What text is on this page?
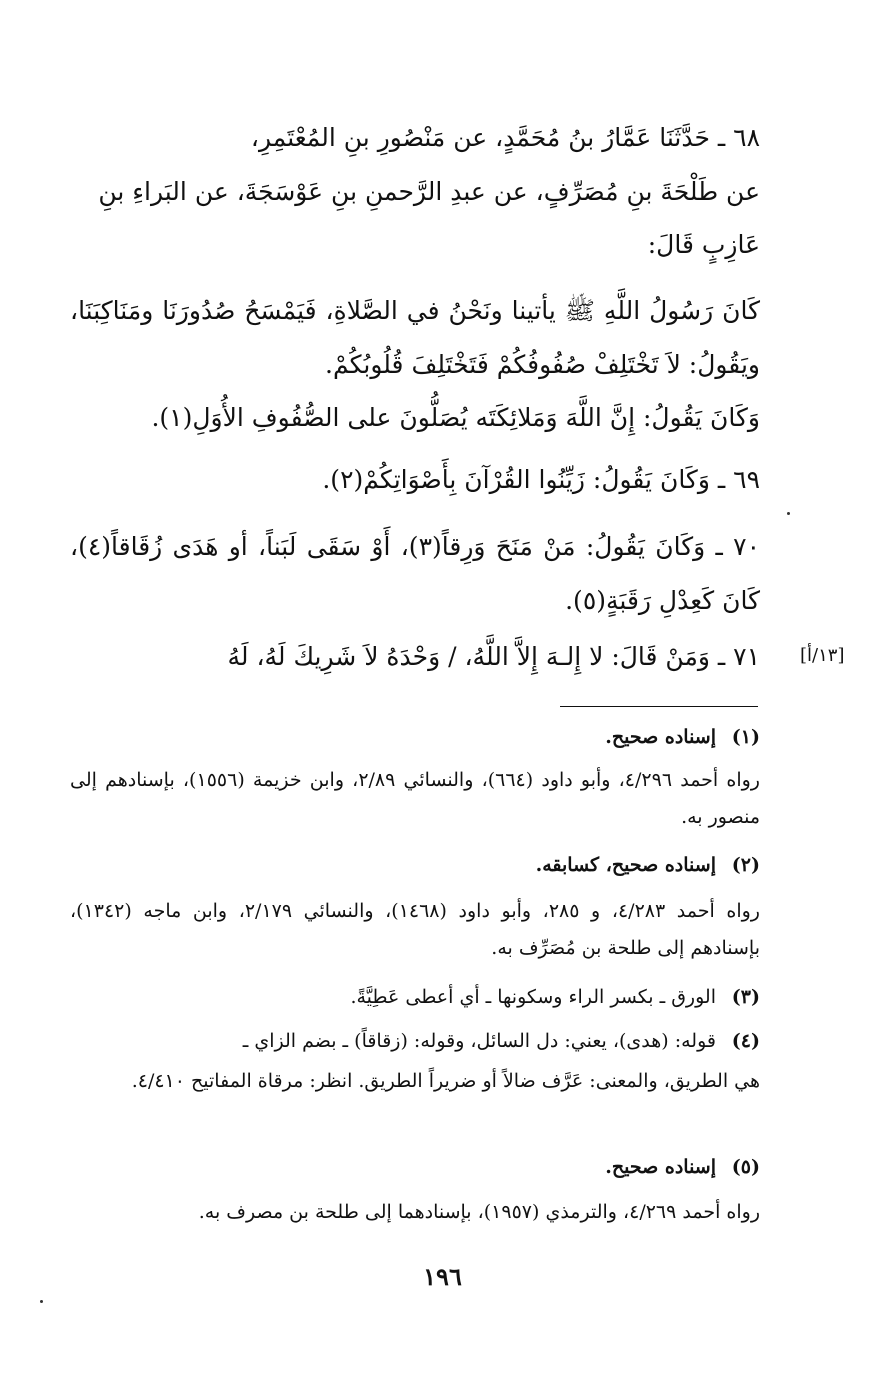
٦٨ ـ حَدَّثَنَا عَمَّارُ بنُ مُحَمَّدٍ، عن مَنْصُورِ بنِ المُعْتَمِرِ،
عن طَلْحَةَ بنِ مُصَرِّفٍ، عن عبدِ الرَّحمنِ بنِ عَوْسَجَةَ، عن البَراءِ بنِ
عَازِبٍ قَالَ:
كَانَ رَسُولُ اللَّهِ ﷺ يأتينا ونَحْنُ في الصَّلاةِ، فَيَمْسَحُ صُدُورَنَا ومَنَاكِبَنَا، ويَقُولُ: لاَ تَخْتَلِفْ صُفُوفُكُمْ فَتَخْتَلِفَ قُلُوبُكُمْ.
وَكَانَ يَقُولُ: إِنَّ اللَّهَ وَمَلائِكَتَه يُصَلُّونَ على الصُّفُوفِ الأُوَلِ(١).
٦٩ ـ وَكَانَ يَقُولُ: زَيِّنُوا القُرْآنَ بِأَصْوَاتِكُمْ(٢).
٧٠ ـ وَكَانَ يَقُولُ: مَنْ مَنَحَ وَرِقاً(٣)، أَوْ سَقَى لَبَناً، أو هَدَى زُقَاقاً(٤)، كَانَ كَعِدْلِ رَقَبَةٍ(٥).
٧١ ـ وَمَنْ قَالَ: لا إِلـهَ إِلاَّ اللَّهُ، / وَحْدَهُ لاَ شَرِيكَ لَهُ، لَهُ [١٣/أ]
(١)إسناده صحيح.
رواه أحمد ٤/٢٩٦، وأبو داود (٦٦٤)، والنسائي ٢/٨٩، وابن خزيمة (١٥٥٦)، بإسنادهم إلى منصور به.
(٢)إسناده صحيح، كسابقه.
رواه أحمد ٤/٢٨٣، و ٢٨٥، وأبو داود (١٤٦٨)، والنسائي ٢/١٧٩، وابن ماجه (١٣٤٢)، بإسنادهم إلى طلحة بن مُصَرِّف به.
(٣)الورق ـ بكسر الراء وسكونها ـ أي أعطى عَطِيَّةً.
(٤)قوله: (هدى)، يعني: دل السائل، وقوله: (زقاقاً) ـ بضم الزاي ـ
هي الطريق، والمعنى: عَرَّف ضالاً أو ضريراً الطريق. انظر: مرقاة المفاتيح ٤/٤١٠.
(٥)إسناده صحيح.
رواه أحمد ٤/٢٦٩، والترمذي (١٩٥٧)، بإسنادهما إلى طلحة بن مصرف به.
١٩٦
